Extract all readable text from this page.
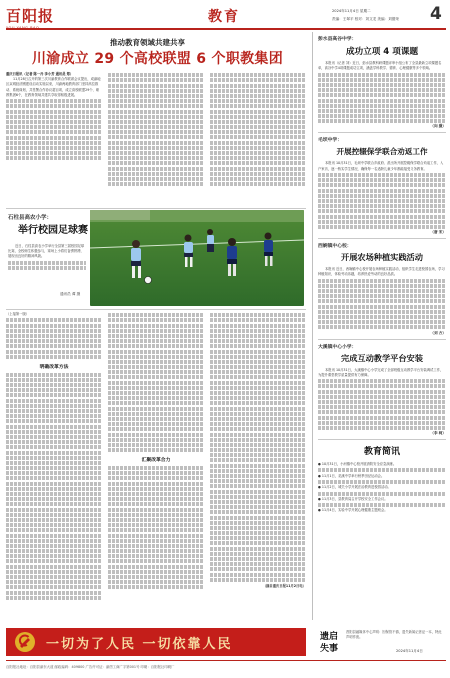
百阳报	教育	2024年11月4日 星期二
责编：王翠平 校对：刘文龙 美编：刘德荣 4
推动教育领域共建共享
川渝成立 29 个高校联盟 6 个职教集团

重庆日报讯（记者 陈一丹 李小芳 通讯员 郑）

11月28日召开的第三次川渝教育合作联席会议提出，成渝地区双城经济圈建设启动实施以来，川渝两地教育部门坚持高位推动、系统谋划，共签署合作协议超百项，成立高校联盟29个、职教集团6个，在教育领域共建共享取得积极进展。

石柱县高农小学：
举行校园足球赛

近日，石柱县高农小学举行全县第三届校园足球比赛，全校师生积极参与，赛场上小将们奋勇拼搏，展现出良好的精神风貌。

通讯员 谭 摄

（上接第一版）

明确改革方法
汇聚改革合力

（摘自重庆日报11月2日电）

彭水县高谷中学：
成功立项 4 项课题

本报讯（记者 刘）近日，彭水县教科研课题评审小组公布了全县最新立项课题名单，高谷中学4项课题成功立项，涵盖学科教学、德育、心理健康等多个领域。

（向 摄）
毛坝中学：
开展控辍保学联合劝返工作

本报讯 10月31日，毛坝中学联合乡政府、派出所开展控辍保学联合劝返工作，入户家访，逐一核实学生情况，确保每一名适龄儿童少年都能接受义务教育。

（唐 宋）
西娴镇中心校：
开展农场种植实践活动

本报讯 近日，西娴镇中心校开展农场种植实践活动，组织学生走进校园农场，学习种植知识，体验劳动乐趣，培养热爱劳动的良好品质。

（刘 方）
大溪镇中心小学：
完成互动教学平台安装

本报讯 10月31日，大溪镇中心小学完成了全部班级互动教学平台安装调试工作，为提升课堂教学质量提供有力保障。

（李 柯）
教育简讯

● 10月31日，小河镇中心校开展消防安全应急演练。

● 11月1日，花溪中学举行秋季田径运动会。

● 11月2日，城关小学开展法治教育进校园活动。

● 11月3日，县教育局召开学校安全工作会议。

● 11月4日，实验中学开展心理健康主题班会。

一切为了人民 一切依靠人民	遗启
失事
酉阳县融媒体中心声明：因保管不慎，遗失新闻记者证一本，特此声明作废。
2024年11月4日
百阳报社地址：百阳县渝东大道 邮政编码：409800 广告许可证：渝酉工商广字第001号 印刷：百阳报社印刷厂
